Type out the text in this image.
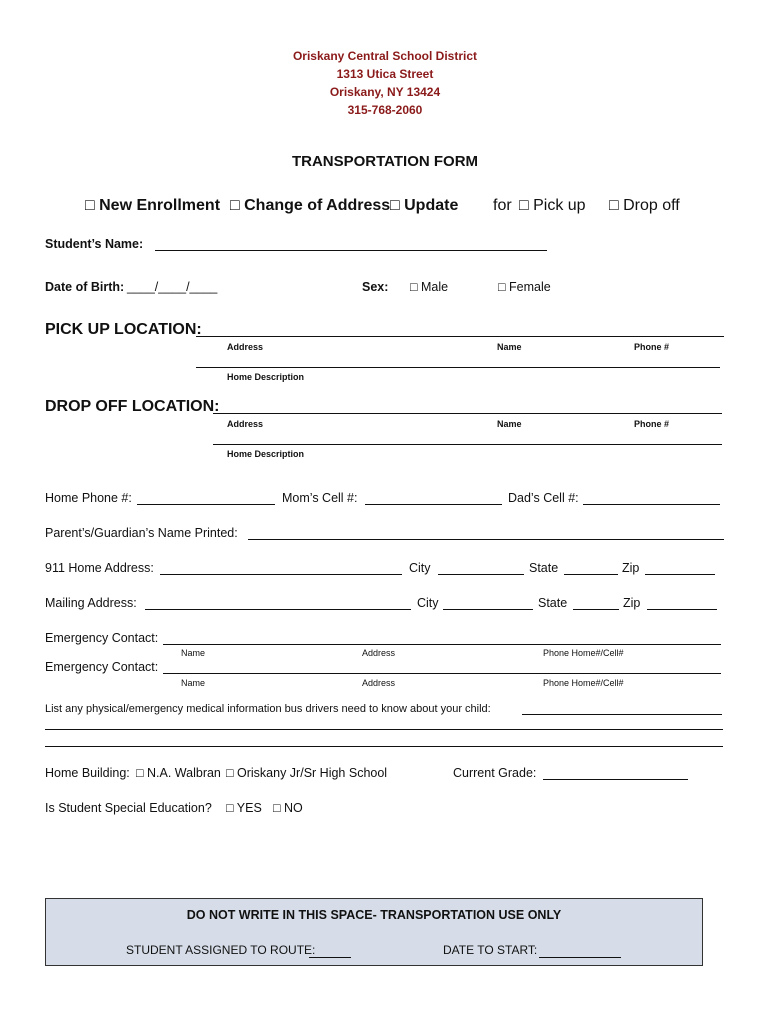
Oriskany Central School District
1313 Utica Street
Oriskany, NY 13424
315-768-2060
TRANSPORTATION FORM
□ New Enrollment □ Change of Address □ Update for □ Pick up □ Drop off
Student’s Name:
Date of Birth: ____/____/____	Sex: □ Male	□ Female
PICK UP LOCATION:
Address	Name	Phone #
Home Description
DROP OFF LOCATION:
Address	Name	Phone #
Home Description
Home Phone #:	Mom’s Cell #:	Dad’s Cell #:
Parent’s/Guardian’s Name Printed:
911 Home Address:	City	State	Zip
Mailing Address:	City	State	Zip
Emergency Contact:
Name	Address	Phone Home#/Cell#
Emergency Contact:
Name	Address	Phone Home#/Cell#
List any physical/emergency medical information bus drivers need to know about your child:
Home Building: □ N.A. Walbran □ Oriskany Jr/Sr High School	Current Grade:
Is Student Special Education? □ YES □ NO
DO NOT WRITE IN THIS SPACE- TRANSPORTATION USE ONLY
STUDENT ASSIGNED TO ROUTE:	DATE TO START:
